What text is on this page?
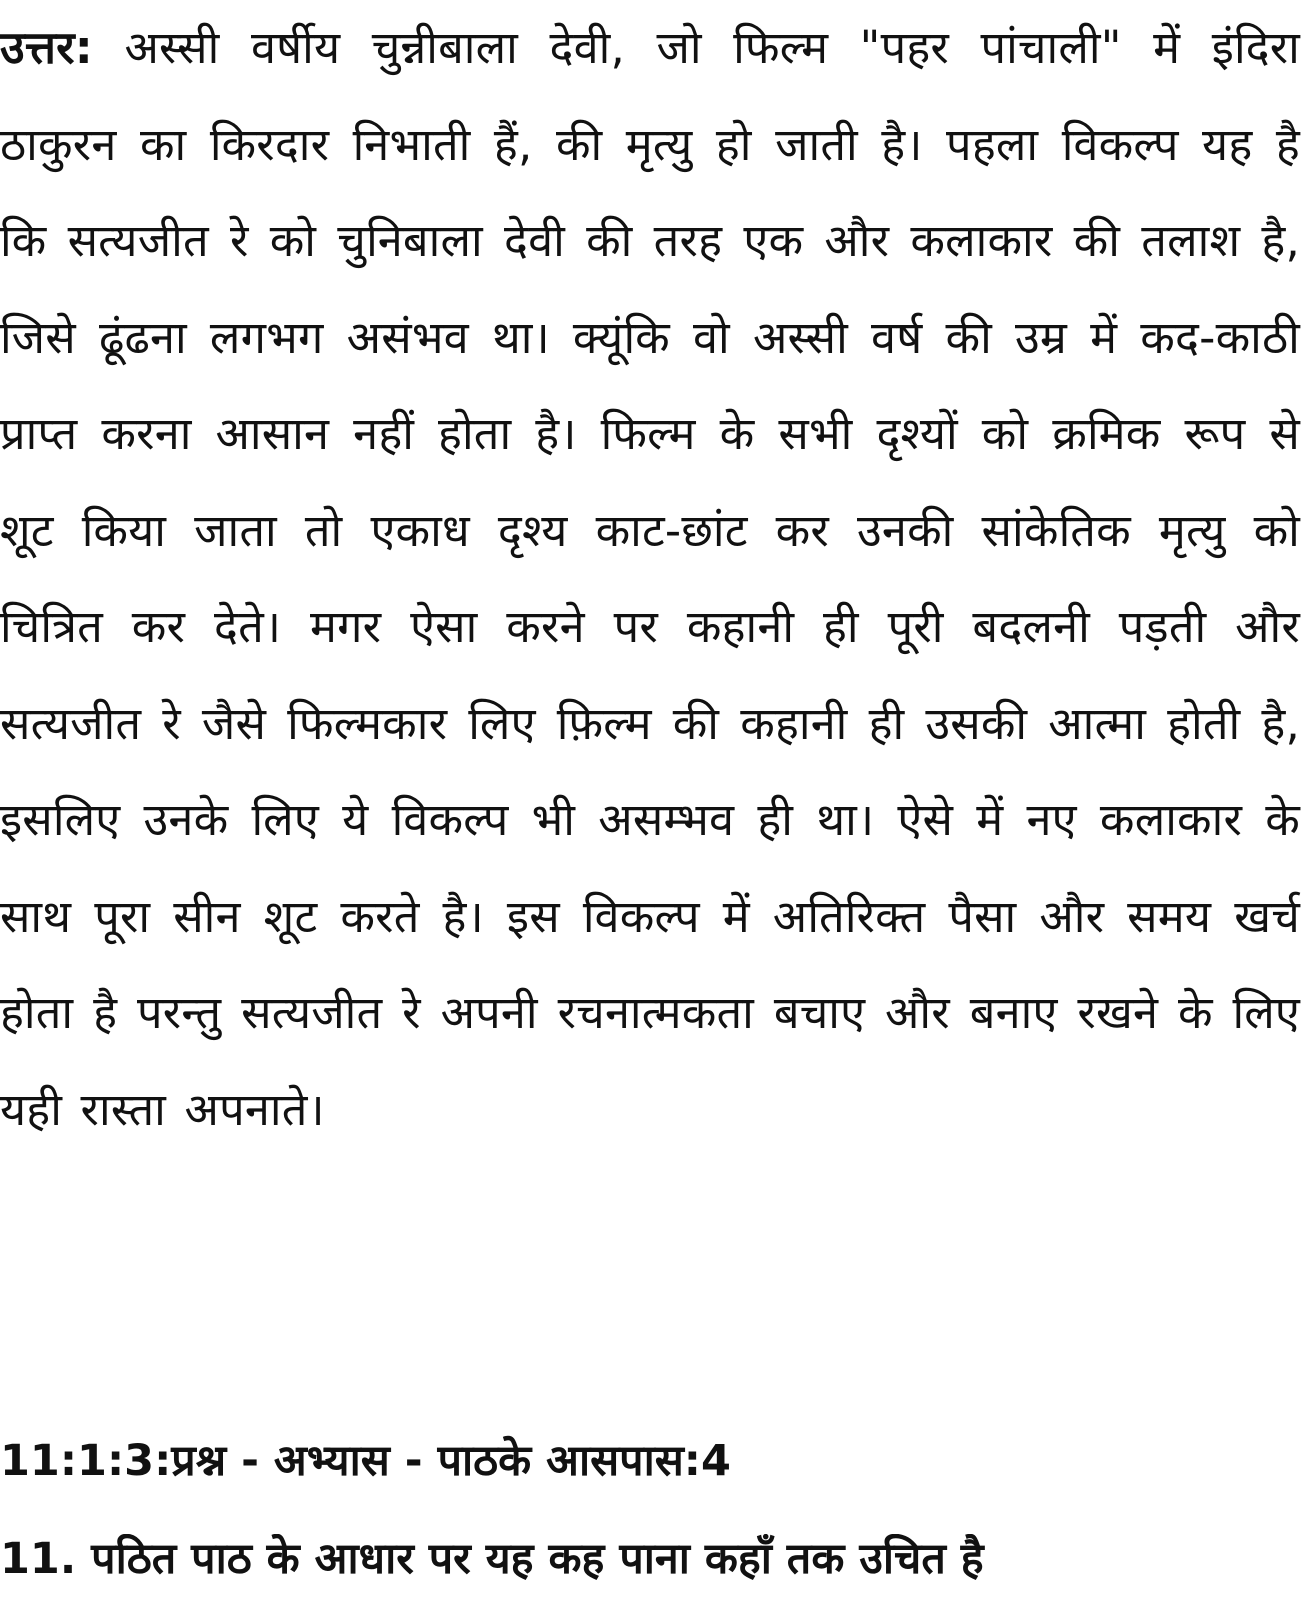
उत्तर: अस्सी वर्षीय चुन्नीबाला देवी, जो फिल्म "पहर पांचाली" में इंदिरा ठाकुरन का किरदार निभाती हैं, की मृत्यु हो जाती है। पहला विकल्प यह है कि सत्यजीत रे को चुनिबाला देवी की तरह एक और कलाकार की तलाश है, जिसे ढूंढना लगभग असंभव था। क्यूंकि वो अस्सी वर्ष की उम्र में कद-काठी प्राप्त करना आसान नहीं होता है। फिल्म के सभी दृश्यों को क्रमिक रूप से शूट किया जाता तो एकाध दृश्‍य काट-छांट कर उनकी सांकेतिक मृत्यु को चित्रित कर देते। मगर ऐसा करने पर कहानी ही पूरी बदलनी पड़ती और सत्यजीत रे जैसे फिल्मकार लिए फ़िल्म की कहानी ही उसकी आत्मा होती है, इसलिए उनके लिए ये विकल्प भी असम्भव ही था। ऐसे में नए कलाकार के साथ पूरा सीन शूट करते है। इस विकल्प में अतिरिक्त पैसा और समय खर्च होता है परन्तु सत्यजीत रे अपनी रचनात्मकता बचाए और बनाए रखने के लिए यही रास्ता अपनाते।

11:1:3:प्रश्न - अभ्यास - पाठके आसपास:4

11. पठित पाठ के आधार पर यह कह पाना कहाँ तक उचित है
